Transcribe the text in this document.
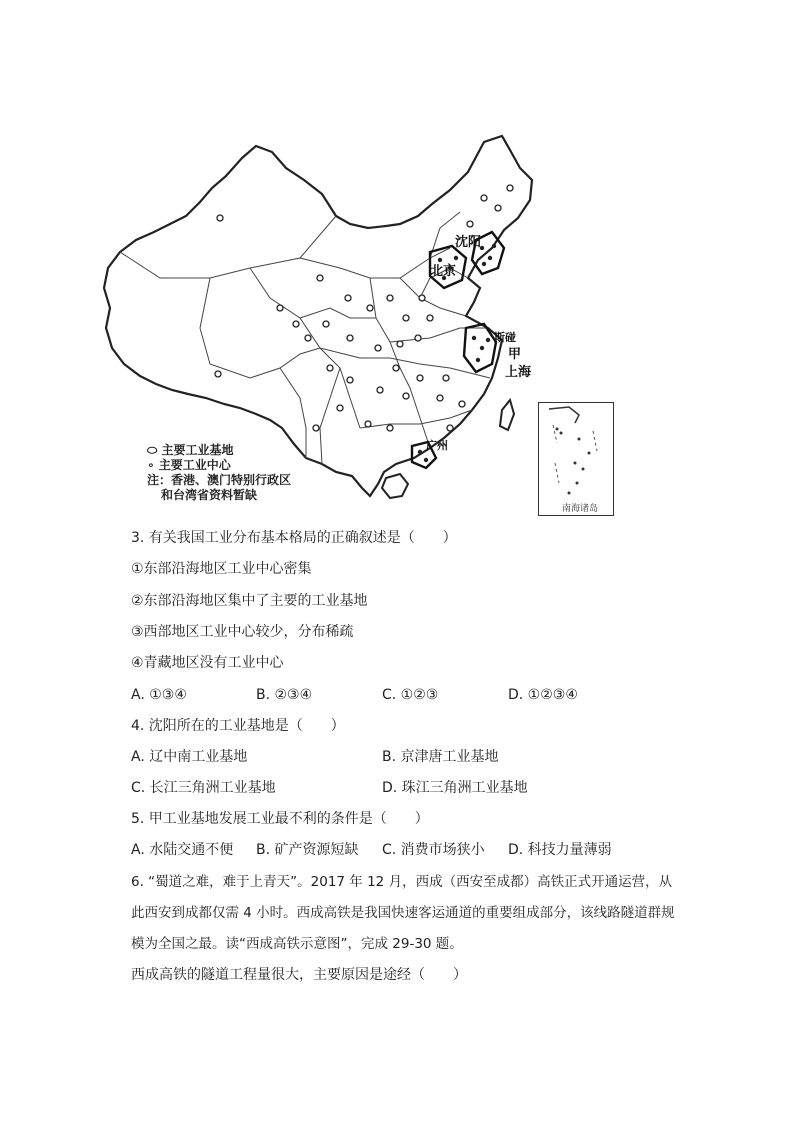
沈阳
北京
斯碰
甲
上海
广州
⬭ 主要工业基地
∘ 主要工业中心
注：香港、澳门特别行政区
和台湾省资料暂缺
南海诸岛
3. 有关我国工业分布基本格局的正确叙述是（　　）
①东部沿海地区工业中心密集
②东部沿海地区集中了主要的工业基地
③西部地区工业中心较少，分布稀疏
④青藏地区没有工业中心
A. ①③④	B. ②③④	C. ①②③	D. ①②③④
4. 沈阳所在的工业基地是（　　）
A. 辽中南工业基地	B. 京津唐工业基地
C. 长江三角洲工业基地	D. 珠江三角洲工业基地
5. 甲工业基地发展工业最不利的条件是（　　）
A. 水陆交通不便 B. 矿产资源短缺 C. 消费市场狭小 D. 科技力量薄弱
6. “蜀道之难，难于上青天”。2017 年 12 月，西成（西安至成都）高铁正式开通运营，从
此西安到成都仅需 4 小时。西成高铁是我国快速客运通道的重要组成部分，该线路隧道群规
模为全国之最。读“西成高铁示意图”，完成 29-30 题。
西成高铁的隧道工程量很大，主要原因是途经（　　）
